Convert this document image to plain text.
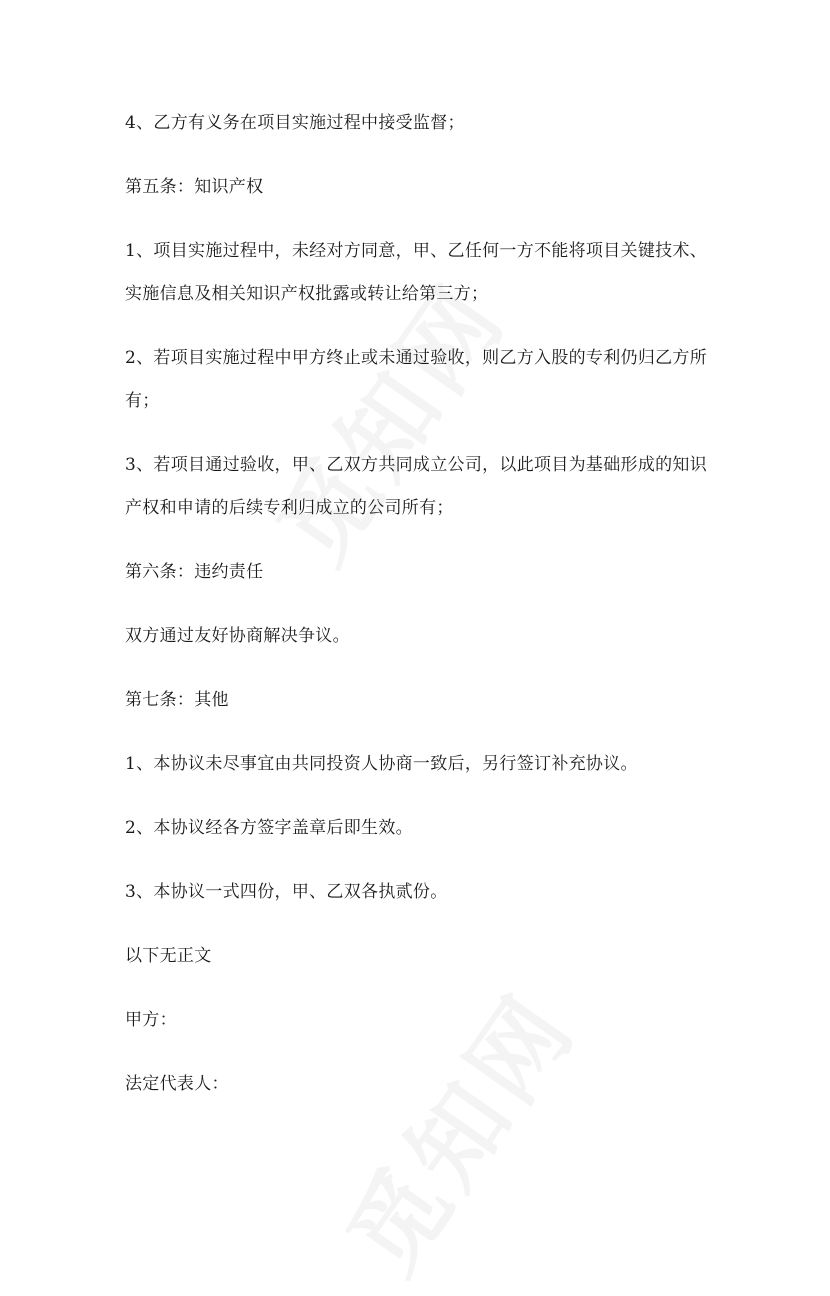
4、乙方有义务在项目实施过程中接受监督；

第五条：知识产权

1、项目实施过程中，未经对方同意，甲、乙任何一方不能将项目关键技术、实施信息及相关知识产权批露或转让给第三方；

2、若项目实施过程中甲方终止或未通过验收，则乙方入股的专利仍归乙方所有；

3、若项目通过验收，甲、乙双方共同成立公司，以此项目为基础形成的知识产权和申请的后续专利归成立的公司所有；

第六条：违约责任

双方通过友好协商解决争议。

第七条：其他

1、本协议未尽事宜由共同投资人协商一致后，另行签订补充协议。

2、本协议经各方签字盖章后即生效。

3、本协议一式四份，甲、乙双各执贰份。

以下无正文

甲方：

法定代表人：
